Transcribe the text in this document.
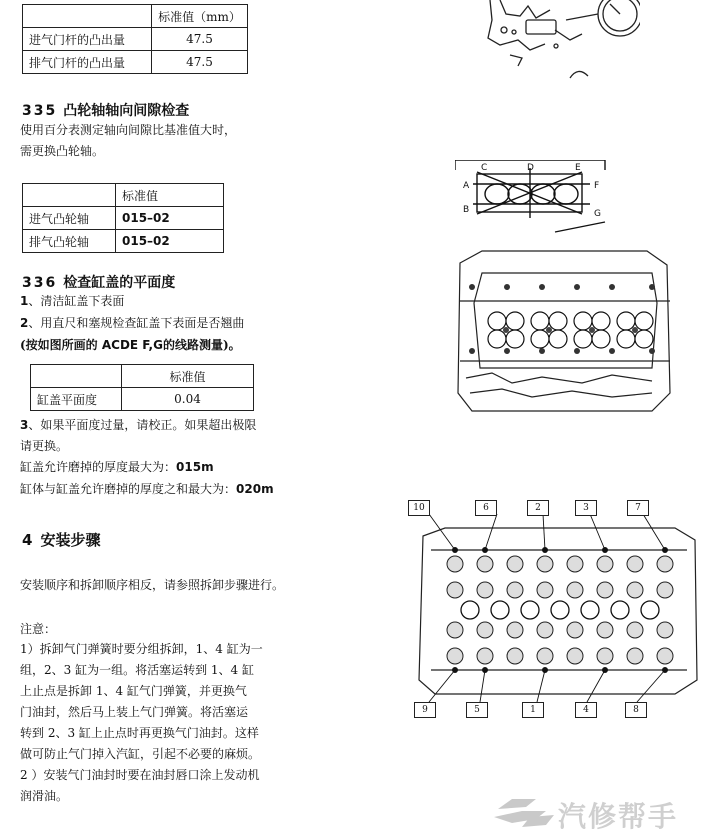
	标准值（mm）
进气门杆的凸出量	47.5
排气门杆的凸出量	47.5
335 凸轮轴轴向间隙检查
使用百分表测定轴向间隙比基准值大时，
需更换凸轮轴。
	标准值
进气凸轮轴	015–02
排气凸轮轴	015–02
336 检查缸盖的平面度
1、清洁缸盖下表面
2、用直尺和塞规检查缸盖下表面是否翘曲
(按如图所画的 ACDE F,G的线路测量)。
	标准值
缸盖平面度	0.04
3、如果平面度过量，请校正。如果超出极限
请更换。
缸盖允许磨掉的厚度最大为：015m
缸体与缸盖允许磨掉的厚度之和最大为：020m
4 安装步骤
安装顺序和拆卸顺序相反，请参照拆卸步骤进行。
注意：
1）拆卸气门弹簧时要分组拆卸，1、4 缸为一
组，2、3 缸为一组。将活塞运转到 1、4 缸
上止点是拆卸 1、4 缸气门弹簧，并更换气
门油封，然后马上装上气门弹簧。将活塞运
转到 2、3 缸上止点时再更换气门油封。这样
做可防止气门掉入汽缸，引起不必要的麻烦。
2 ）安装气门油封时要在油封唇口涂上发动机
润滑油。
A
B
C	D	E
F
G
10	6	2	3	7
9	5	1	4	8
汽修帮手
